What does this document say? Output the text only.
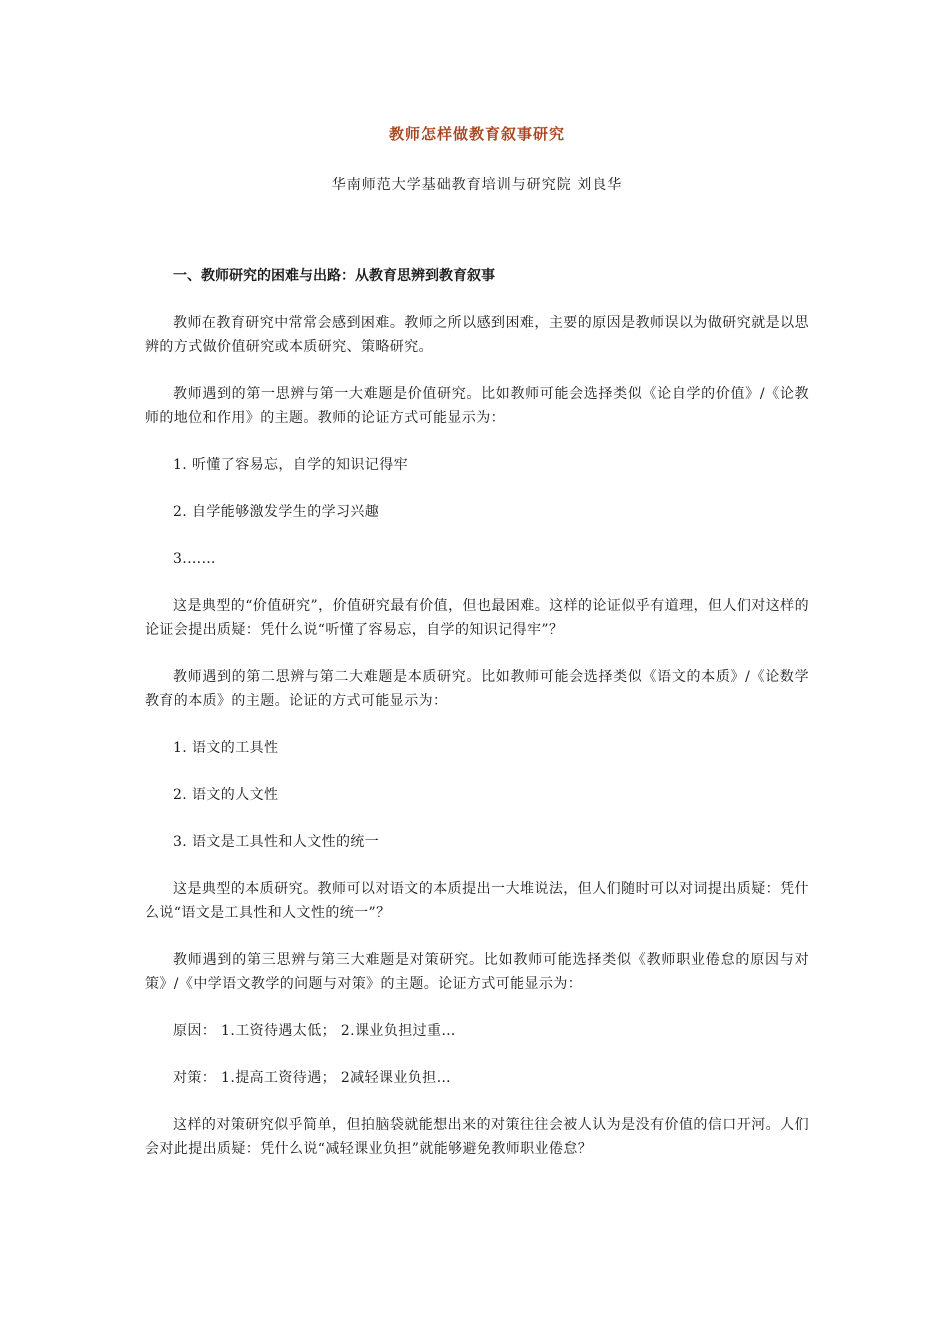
教师怎样做教育叙事研究

华南师范大学基础教育培训与研究院 刘良华

一、教师研究的困难与出路：从教育思辨到教育叙事

教师在教育研究中常常会感到困难。教师之所以感到困难，主要的原因是教师误以为做研究就是以思辨的方式做价值研究或本质研究、策略研究。

教师遇到的第一思辨与第一大难题是价值研究。比如教师可能会选择类似《论自学的价值》/《论教师的地位和作用》的主题。教师的论证方式可能显示为：

1. 听懂了容易忘，自学的知识记得牢

2. 自学能够激发学生的学习兴趣

3.……

这是典型的“价值研究”，价值研究最有价值，但也最困难。这样的论证似乎有道理，但人们对这样的论证会提出质疑：凭什么说“听懂了容易忘，自学的知识记得牢”？

教师遇到的第二思辨与第二大难题是本质研究。比如教师可能会选择类似《语文的本质》/《论数学教育的本质》的主题。论证的方式可能显示为：

1. 语文的工具性

2. 语文的人文性

3. 语文是工具性和人文性的统一

这是典型的本质研究。教师可以对语文的本质提出一大堆说法，但人们随时可以对词提出质疑：凭什么说“语文是工具性和人文性的统一”？

教师遇到的第三思辨与第三大难题是对策研究。比如教师可能选择类似《教师职业倦怠的原因与对策》/《中学语文教学的问题与对策》的主题。论证方式可能显示为：

原因： 1.工资待遇太低； 2.课业负担过重…

对策： 1.提高工资待遇； 2减轻课业负担…

这样的对策研究似乎简单，但拍脑袋就能想出来的对策往往会被人认为是没有价值的信口开河。人们会对此提出质疑：凭什么说“减轻课业负担”就能够避免教师职业倦怠？
